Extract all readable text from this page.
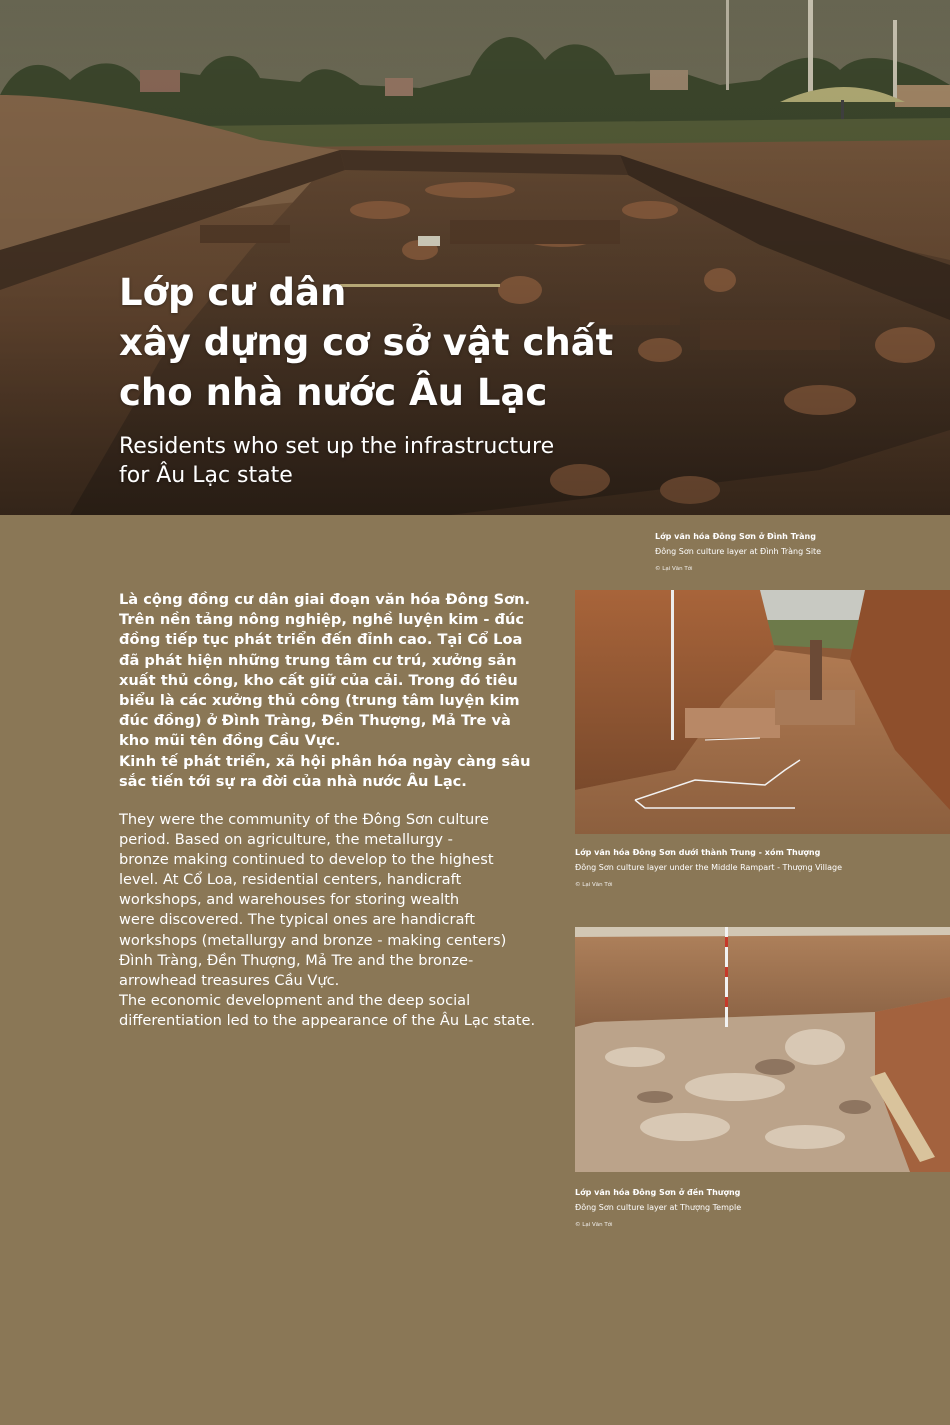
Lớp cư dân
xây dựng cơ sở vật chất
cho nhà nước Âu Lạc
Residents who set up the infrastructure
for Âu Lạc state

Là cộng đồng cư dân giai đoạn văn hóa Đông Sơn.
Trên nền tảng nông nghiệp, nghề luyện kim - đúc
đồng tiếp tục phát triển đến đỉnh cao. Tại Cổ Loa
đã phát hiện những trung tâm cư trú, xưởng sản
xuất thủ công, kho cất giữ của cải. Trong đó tiêu
biểu là các xưởng thủ công (trung tâm luyện kim
đúc đồng) ở Đình Tràng, Đền Thượng, Mả Tre và
kho mũi tên đồng Cầu Vực.
Kinh tế phát triển, xã hội phân hóa ngày càng sâu
sắc tiến tới sự ra đời của nhà nước Âu Lạc.

They were the community of the Đông Sơn culture
period. Based on agriculture, the metallurgy -
bronze making continued to develop to the highest
level. At Cổ Loa, residential centers, handicraft
workshops, and warehouses for storing wealth
were discovered. The typical ones are handicraft
workshops (metallurgy and bronze - making centers)
Đình Tràng, Đền Thượng, Mả Tre and the bronze-
arrowhead treasures Cầu Vực.
The economic development and the deep social
differentiation led to the appearance of the Âu Lạc state.

Lớp văn hóa Đông Sơn ở Đình Tràng
Đông Sơn culture layer at Đình Tràng Site
© Lại Văn Tới
Lớp văn hóa Đông Sơn dưới thành Trung - xóm Thượng
Đông Sơn culture layer under the Middle Rampart - Thượng Village
© Lại Văn Tới
Lớp văn hóa Đông Sơn ở đền Thượng
Đông Sơn culture layer at Thượng Temple
© Lại Văn Tới
